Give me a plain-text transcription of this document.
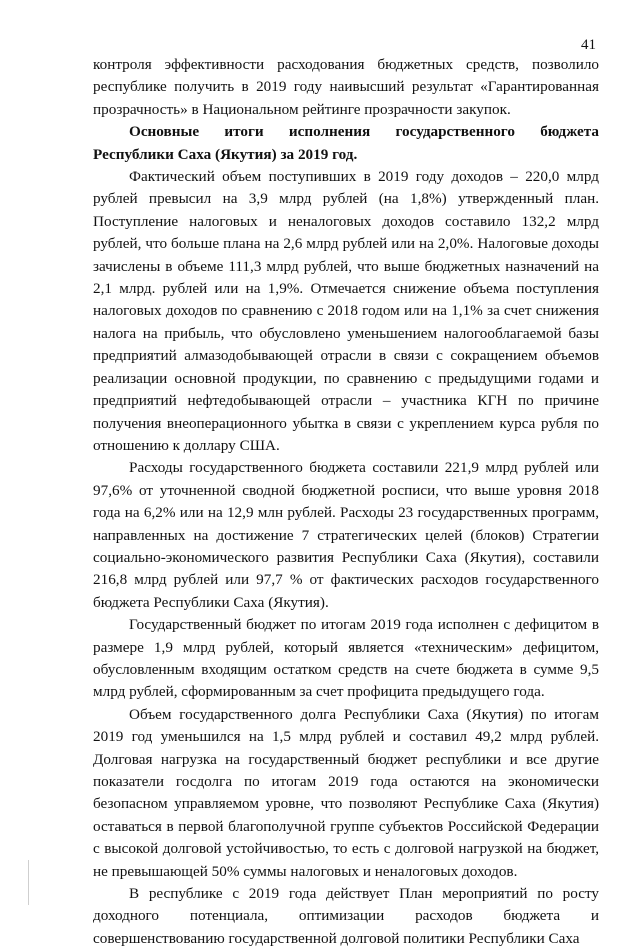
41

контроля эффективности расходования бюджетных средств, позволило республике получить в 2019 году наивысший результат «Гарантированная прозрачность» в Национальном рейтинге прозрачности закупок.

Основные итоги исполнения государственного бюджета Республики Саха (Якутия) за 2019 год.

Фактический объем поступивших в 2019 году доходов – 220,0 млрд рублей превысил на 3,9 млрд рублей (на 1,8%) утвержденный план. Поступление налоговых и неналоговых доходов составило 132,2 млрд рублей, что больше плана на 2,6 млрд рублей или на 2,0%. Налоговые доходы зачислены в объеме 111,3 млрд рублей, что выше бюджетных назначений на 2,1 млрд. рублей или на 1,9%. Отмечается снижение объема поступления налоговых доходов по сравнению с 2018 годом или на 1,1% за счет снижения налога на прибыль, что обусловлено уменьшением налогооблагаемой базы предприятий алмазодобывающей отрасли в связи с сокращением объемов реализации основной продукции, по сравнению с предыдущими годами и предприятий нефтедобывающей отрасли – участника КГН по причине получения внеоперационного убытка в связи с укреплением курса рубля по отношению к доллару США.

Расходы государственного бюджета составили 221,9 млрд рублей или 97,6% от уточненной сводной бюджетной росписи, что выше уровня 2018 года на 6,2% или на 12,9 млн рублей. Расходы 23 государственных программ, направленных на достижение 7 стратегических целей (блоков) Стратегии социально-экономического развития Республики Саха (Якутия), составили 216,8 млрд рублей или 97,7 % от фактических расходов государственного бюджета Республики Саха (Якутия).

Государственный бюджет по итогам 2019 года исполнен с дефицитом в размере 1,9 млрд рублей, который является «техническим» дефицитом, обусловленным входящим остатком средств на счете бюджета в сумме 9,5 млрд рублей, сформированным за счет профицита предыдущего года.

Объем государственного долга Республики Саха (Якутия) по итогам 2019 год уменьшился на 1,5 млрд рублей и составил 49,2 млрд рублей. Долговая нагрузка на государственный бюджет республики и все другие показатели госдолга по итогам 2019 года остаются на экономически безопасном управляемом уровне, что позволяют Республике Саха (Якутия) оставаться в первой благополучной группе субъектов Российской Федерации с высокой долговой устойчивостью, то есть с долговой нагрузкой на бюджет, не превышающей 50% суммы налоговых и неналоговых доходов.

В республике с 2019 года действует План мероприятий по росту доходного потенциала, оптимизации расходов бюджета и совершенствованию государственной долговой политики Республики Саха
